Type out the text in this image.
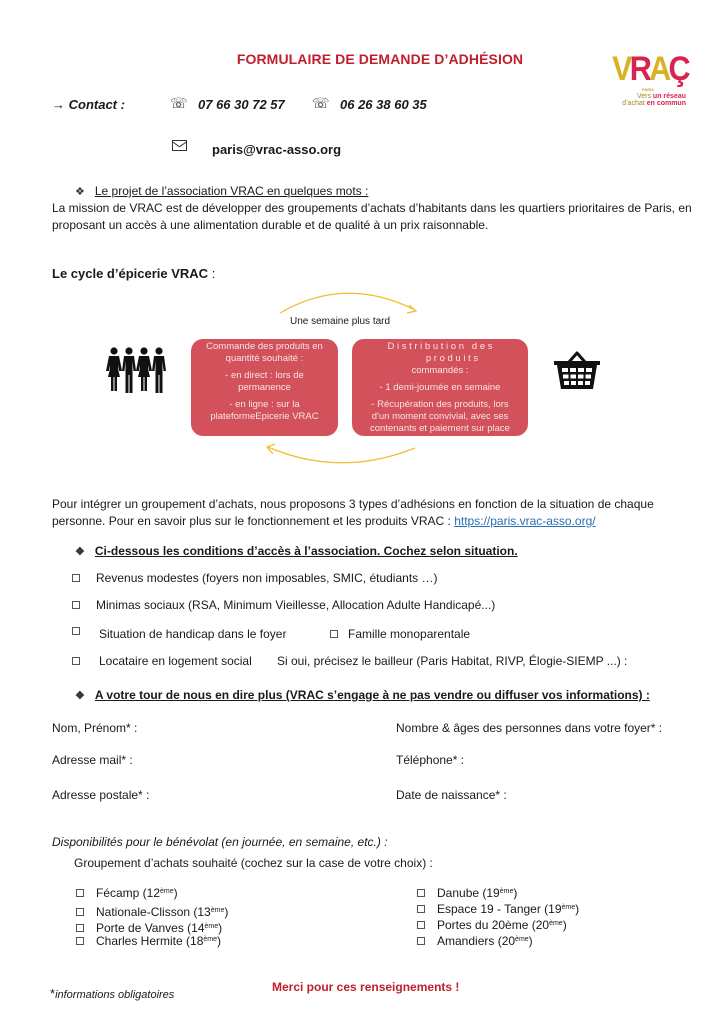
FORMULAIRE DE DEMANDE D’ADHÉSION	VRAÇ
PARIS
Vers un réseau
d’achat en commun
→ Contact :	☏ 07 66 30 72 57 ☏ 06 26 38 60 35
paris@vrac-asso.org
❖ Le projet de l’association VRAC en quelques mots :
La mission de VRAC est de développer des groupements d’achats d’habitants dans les quartiers prioritaires de Paris, en proposant un accès à une alimentation durable et de qualité à un prix raisonnable.
Le cycle d’épicerie VRAC :
Une semaine plus tard

Commande des produits en

quantité souhaité :

- en direct : lors de

permanence

- en ligne : sur la

plateformeEpicerie VRAC

D i s t r i b u t i o n   d e s

p r o d u i t s

commandés :

- 1 demi-journée en semaine

- Récupération des produits, lors

d'un moment convivial, avec ses

contenants et paiement sur place

Pour intégrer un groupement d’achats, nous proposons 3 types d’adhésions en fonction de la situation de chaque personne. Pour en savoir plus sur le fonctionnement et les produits VRAC : https://paris.vrac-asso.org/
❖ Ci-dessous les conditions d’accès à l’association. Cochez selon situation.
Revenus modestes (foyers non imposables, SMIC, étudiants …)
Minimas sociaux (RSA, Minimum Vieillesse, Allocation Adulte Handicapé...)
Situation de handicap dans le foyer	Famille monoparentale
Locataire en logement social Si oui, précisez le bailleur (Paris Habitat, RIVP, Élogie-SIEMP ...) :
❖ A votre tour de nous en dire plus (VRAC s’engage à ne pas vendre ou diffuser vos informations) :
Nom, Prénom* :	Nombre & âges des personnes dans votre foyer* :
Adresse mail* :	Téléphone* :
Adresse postale* :	Date de naissance* :
Disponibilités pour le bénévolat (en journée, en semaine, etc.) :
Groupement d’achats souhaité (cochez sur la case de votre choix) :
Fécamp (12ème)
Nationale-Clisson (13ème)
Porte de Vanves (14ème)
Charles Hermite (18ème)
Danube (19ème)
Espace 19 - Tanger (19ème)
Portes du 20ème (20ème)
Amandiers (20ème)
*informations obligatoires
Merci pour ces renseignements !
